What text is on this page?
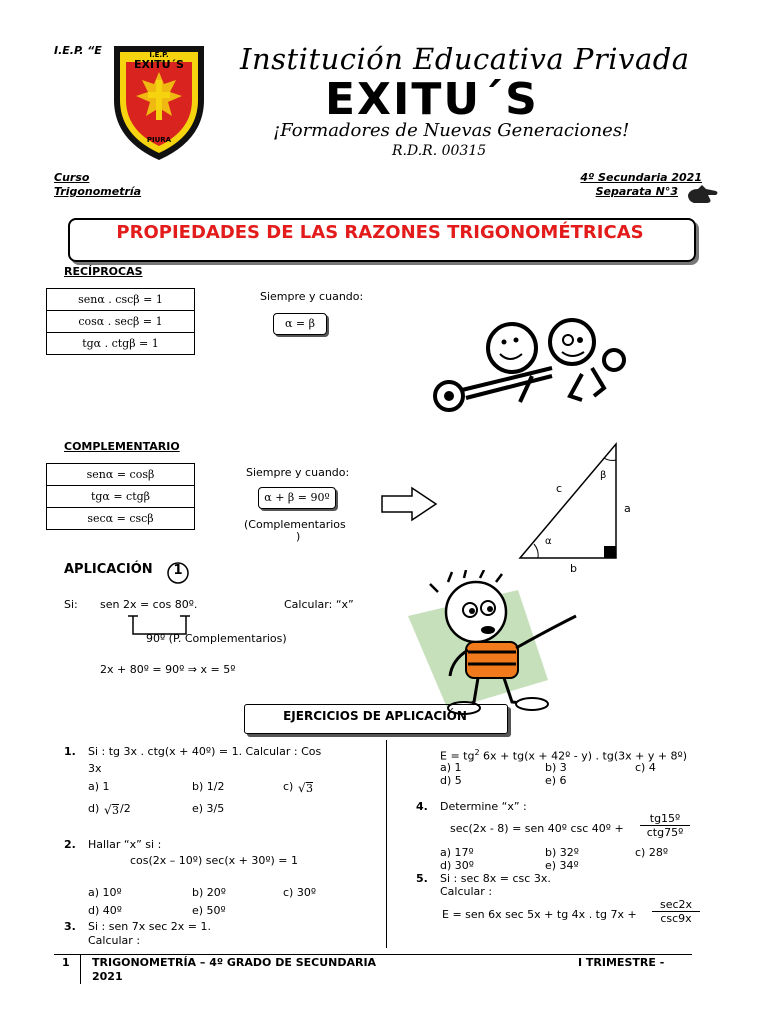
I.E.P. “E	I.E.P.
EXITU´S
PIURA
Institución Educativa Privada
EXITU´S
¡Formadores de Nuevas Generaciones!
R.D.R. 00315
Curso
Trigonometría
4º Secundaria 2021
Separata N°3
PROPIEDADES DE LAS RAZONES TRIGONOMÉTRICAS
RECÍPROCAS
senα . cscβ = 1
cosα . secβ = 1
tgα . ctgβ = 1
Siempre y cuando:
α = β
COMPLEMENTARIO
senα = cosβ
tgα = ctgβ
secα = cscβ
Siempre y cuando:
α + β = 90º
(Complementarios
)
c
a
b
α
β
APLICACIÓN	1
Si: sen 2x = cos 80º.	Calcular: “x”
90º (P. Complementarios)
2x + 80º = 90º ⇒ x = 5º
EJERCICIOS DE APLICACIÓN
1. Si : tg 3x . ctg(x + 40º) = 1. Calcular : Cos
3x
a) 1	b) 1/2	c) √ 3
d) √ 3 /2	e) 3/5
2. Hallar “x” si :
cos(2x – 10º) sec(x + 30º) = 1
a) 10º	b) 20º	c) 30º
d) 40º	e) 50º
3. Si : sen 7x sec 2x = 1.
Calcular :
$E = tg^2$ 6x + tg(x + 42º - y) . tg(3x + y + 8º)
a) 1	b) 3	c) 4
d) 5	e) 6
4. Determine “x” :
sec(2x - 8) = sen 40º csc 40º +
tg15º
ctg75º
a) 17º	b) 32º	c) 28º
d) 30º	e) 34º
5. Si : sec 8x = csc 3x.
Calcular :
E = sen 6x sec 5x + tg 4x . tg 7x +
sec2x
csc9x
1 TRIGONOMETRÍA – 4º GRADO DE SECUNDARIA
2021
I TRIMESTRE -
